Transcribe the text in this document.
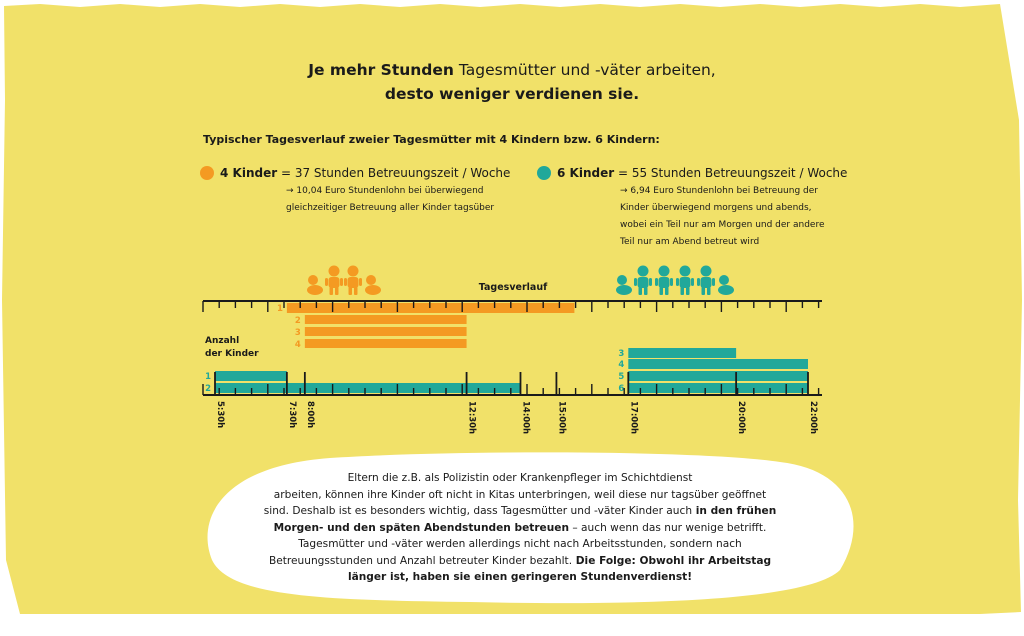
Je mehr Stunden Tagesmütter und -väter arbeiten,
desto weniger verdienen sie.
Typischer Tagesverlauf zweier Tagesmütter mit 4 Kindern bzw. 6 Kindern:
4 Kinder = 37 Stunden Betreuungszeit / Woche
→ 10,04 Euro Stundenlohn bei überwiegend
gleichzeitiger Betreuung aller Kinder tagsüber
6 Kinder = 55 Stunden Betreuungszeit / Woche
→ 6,94 Euro Stundenlohn bei Betreuung der
Kinder überwiegend morgens und abends,
wobei ein Teil nur am Morgen und der andere
Teil nur am Abend betreut wird
Tagesverlauf
Anzahl
der Kinder
1
2
3
4
1
2
3
4
5
6
5:30h	7:30h 8:00h	12:30h	14:00h	15:00h	17:00h	20:00h	22:00h
Eltern die z.B. als Polizistin oder Krankenpfleger im Schichtdienst
arbeiten, können ihre Kinder oft nicht in Kitas unterbringen, weil diese nur tagsüber geöffnet
sind. Deshalb ist es besonders wichtig, dass Tagesmütter und -väter Kinder auch in den frühen
Morgen- und den späten Abendstunden betreuen – auch wenn das nur wenige betrifft.
Tagesmütter und -väter werden allerdings nicht nach Arbeitsstunden, sondern nach
Betreuungsstunden und Anzahl betreuter Kinder bezahlt. Die Folge: Obwohl ihr Arbeitstag
länger ist, haben sie einen geringeren Stundenverdienst!
